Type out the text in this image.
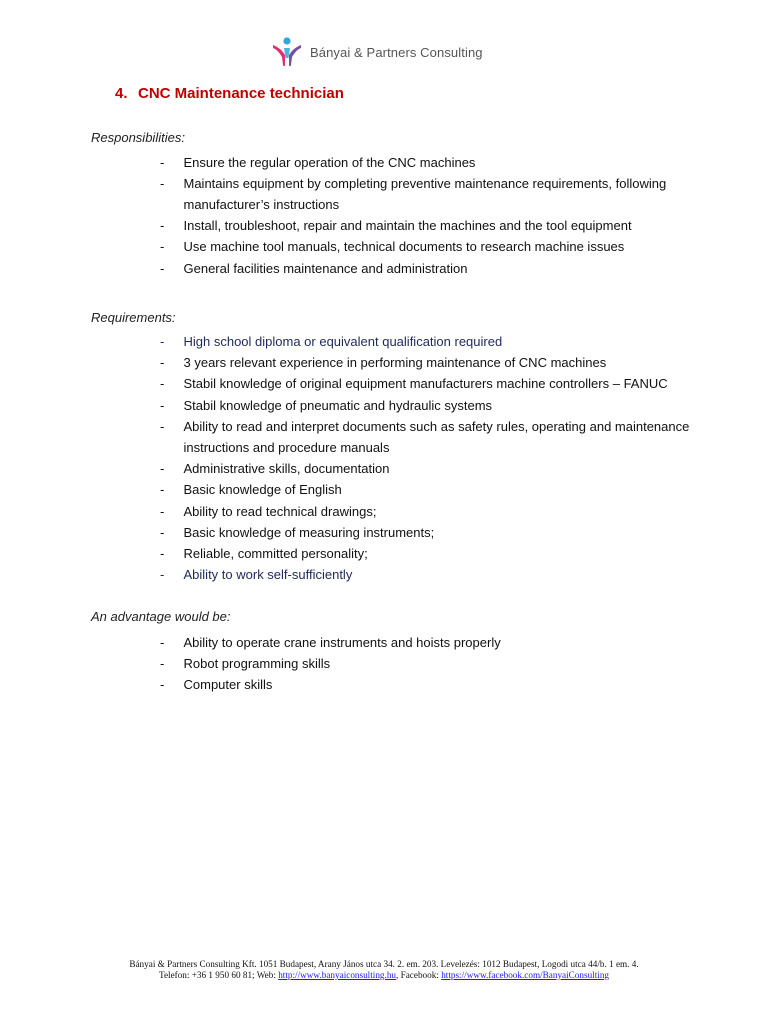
Bányai & Partners Consulting
4. CNC Maintenance technician
Responsibilities:
- Ensure the regular operation of the CNC machines
- Maintains equipment by completing preventive maintenance requirements, following manufacturer’s instructions
- Install, troubleshoot, repair and maintain the machines and the tool equipment
- Use machine tool manuals, technical documents to research machine issues
- General facilities maintenance and administration
Requirements:
- High school diploma or equivalent qualification required
- 3 years relevant experience in performing maintenance of CNC machines
- Stabil knowledge of original equipment manufacturers machine controllers – FANUC
- Stabil knowledge of pneumatic and hydraulic systems
- Ability to read and interpret documents such as safety rules, operating and maintenance instructions and procedure manuals
- Administrative skills, documentation
- Basic knowledge of English
- Ability to read technical drawings;
- Basic knowledge of measuring instruments;
- Reliable, committed personality;
- Ability to work self-sufficiently
An advantage would be:
- Ability to operate crane instruments and hoists properly
- Robot programming skills
- Computer skills
Bányai & Partners Consulting Kft. 1051 Budapest, Arany János utca 34. 2. em. 203. Levelezés: 1012 Budapest, Logodi utca 44/b. 1 em. 4.
Telefon: +36 1 950 60 81; Web: http://www.banyaiconsulting.hu, Facebook: https://www.facebook.com/BanyaiConsulting
